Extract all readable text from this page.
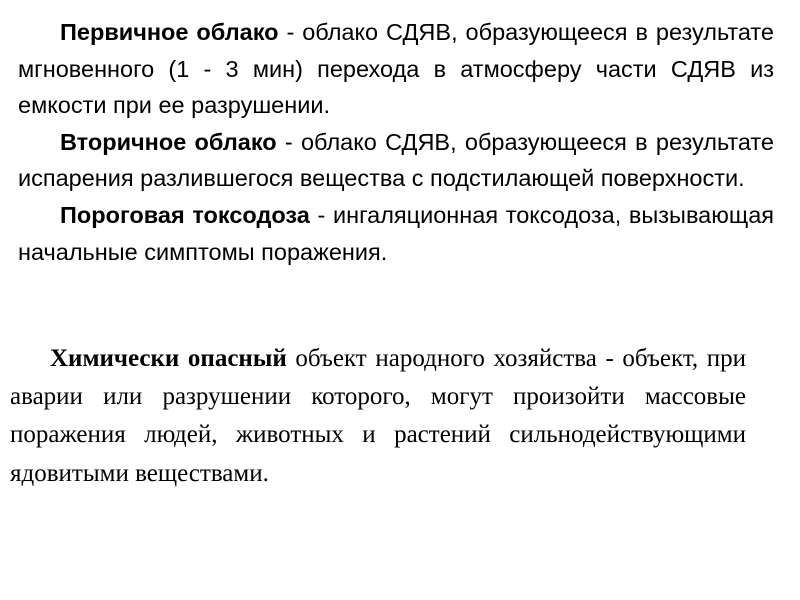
Первичное облако - облако СДЯВ, образующееся в результате мгновенного (1 - 3 мин) перехода в атмосферу части СДЯВ из емкости при ее разрушении.

Вторичное облако - облако СДЯВ, образующееся в результате испарения разлившегося вещества с подстилающей поверхности.

Пороговая токсодоза - ингаляционная токсодоза, вызывающая начальные симптомы поражения.

Химически опасный объект народного хозяйства - объект, при аварии или разрушении которого, могут произойти массовые поражения людей, животных и растений сильнодействующими ядовитыми веществами.
